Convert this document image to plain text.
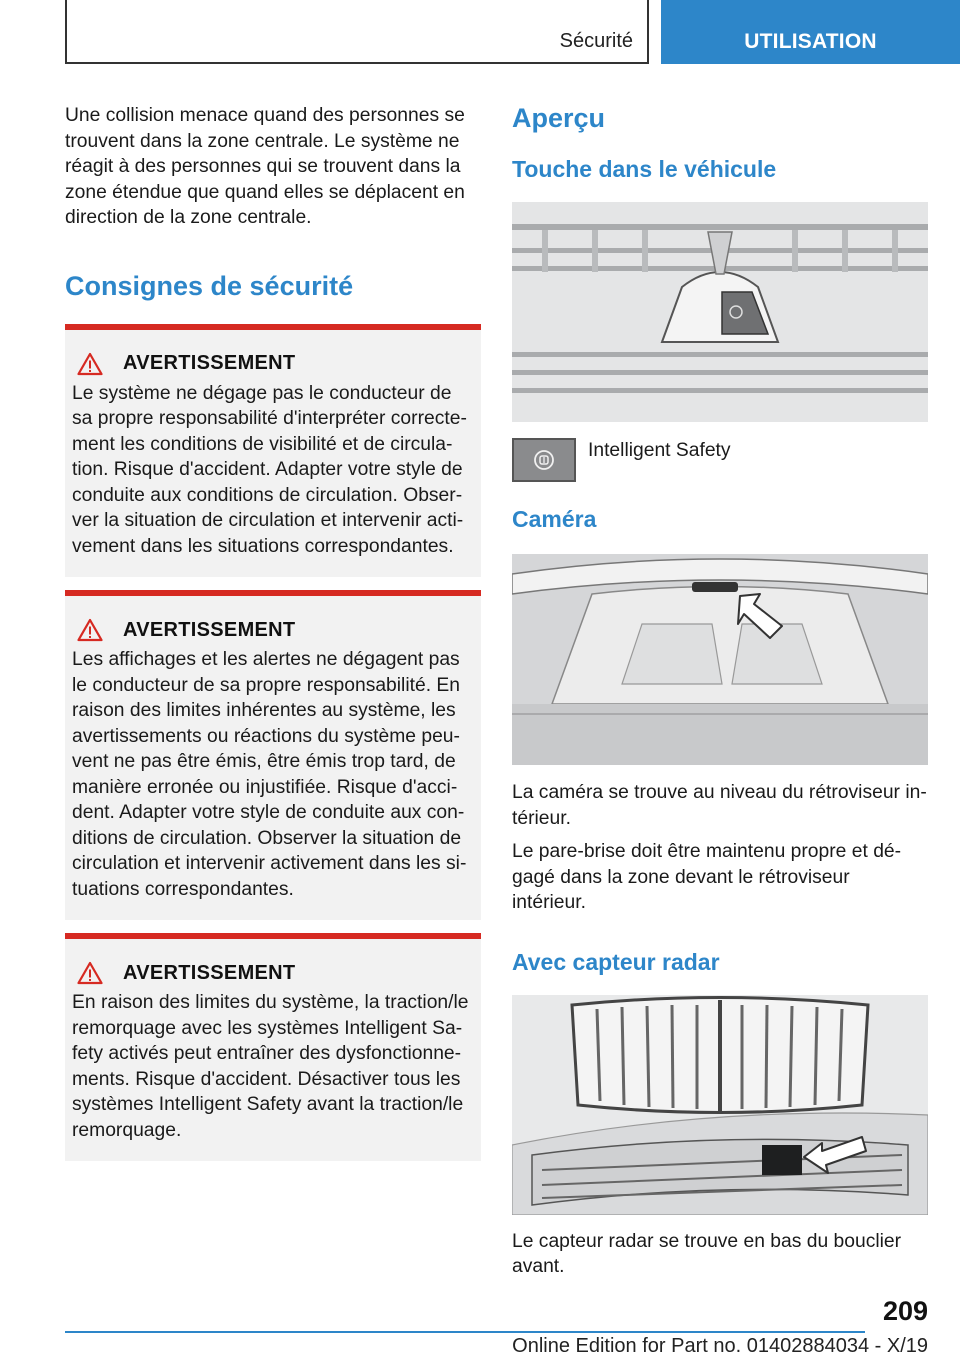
Sécurité	UTILISATION

Une collision menace quand des personnes se trouvent dans la zone centrale. Le système ne réagit à des personnes qui se trouvent dans la zone étendue que quand elles se déplacent en direction de la zone centrale.

Consignes de sécurité
AVERTISSEMENT

Le système ne dégage pas le conducteur de sa propre responsabilité d'interpréter correctement les conditions de visibilité et de circulation. Risque d'accident. Adapter votre style de conduite aux conditions de circulation. Observer la situation de circulation et intervenir activement dans les situations correspondantes.

AVERTISSEMENT

Les affichages et les alertes ne dégagent pas le conducteur de sa propre responsabilité. En raison des limites inhérentes au système, les avertissements ou réactions du système peuvent ne pas être émis, être émis trop tard, de manière erronée ou injustifiée. Risque d'accident. Adapter votre style de conduite aux conditions de circulation. Observer la situation de circulation et intervenir activement dans les situations correspondantes.

AVERTISSEMENT

En raison des limites du système, la traction/le remorquage avec les systèmes Intelligent Safety activés peut entraîner des dysfonctionnements. Risque d'accident. Désactiver tous les systèmes Intelligent Safety avant la traction/le remorquage.

Aperçu
Touche dans le véhicule
Intelligent Safety
Caméra

La caméra se trouve au niveau du rétroviseur intérieur.

Le pare-brise doit être maintenu propre et dégagé dans la zone devant le rétroviseur intérieur.

Avec capteur radar

Le capteur radar se trouve en bas du bouclier avant.

209
Online Edition for Part no. 01402884034 - X/19
